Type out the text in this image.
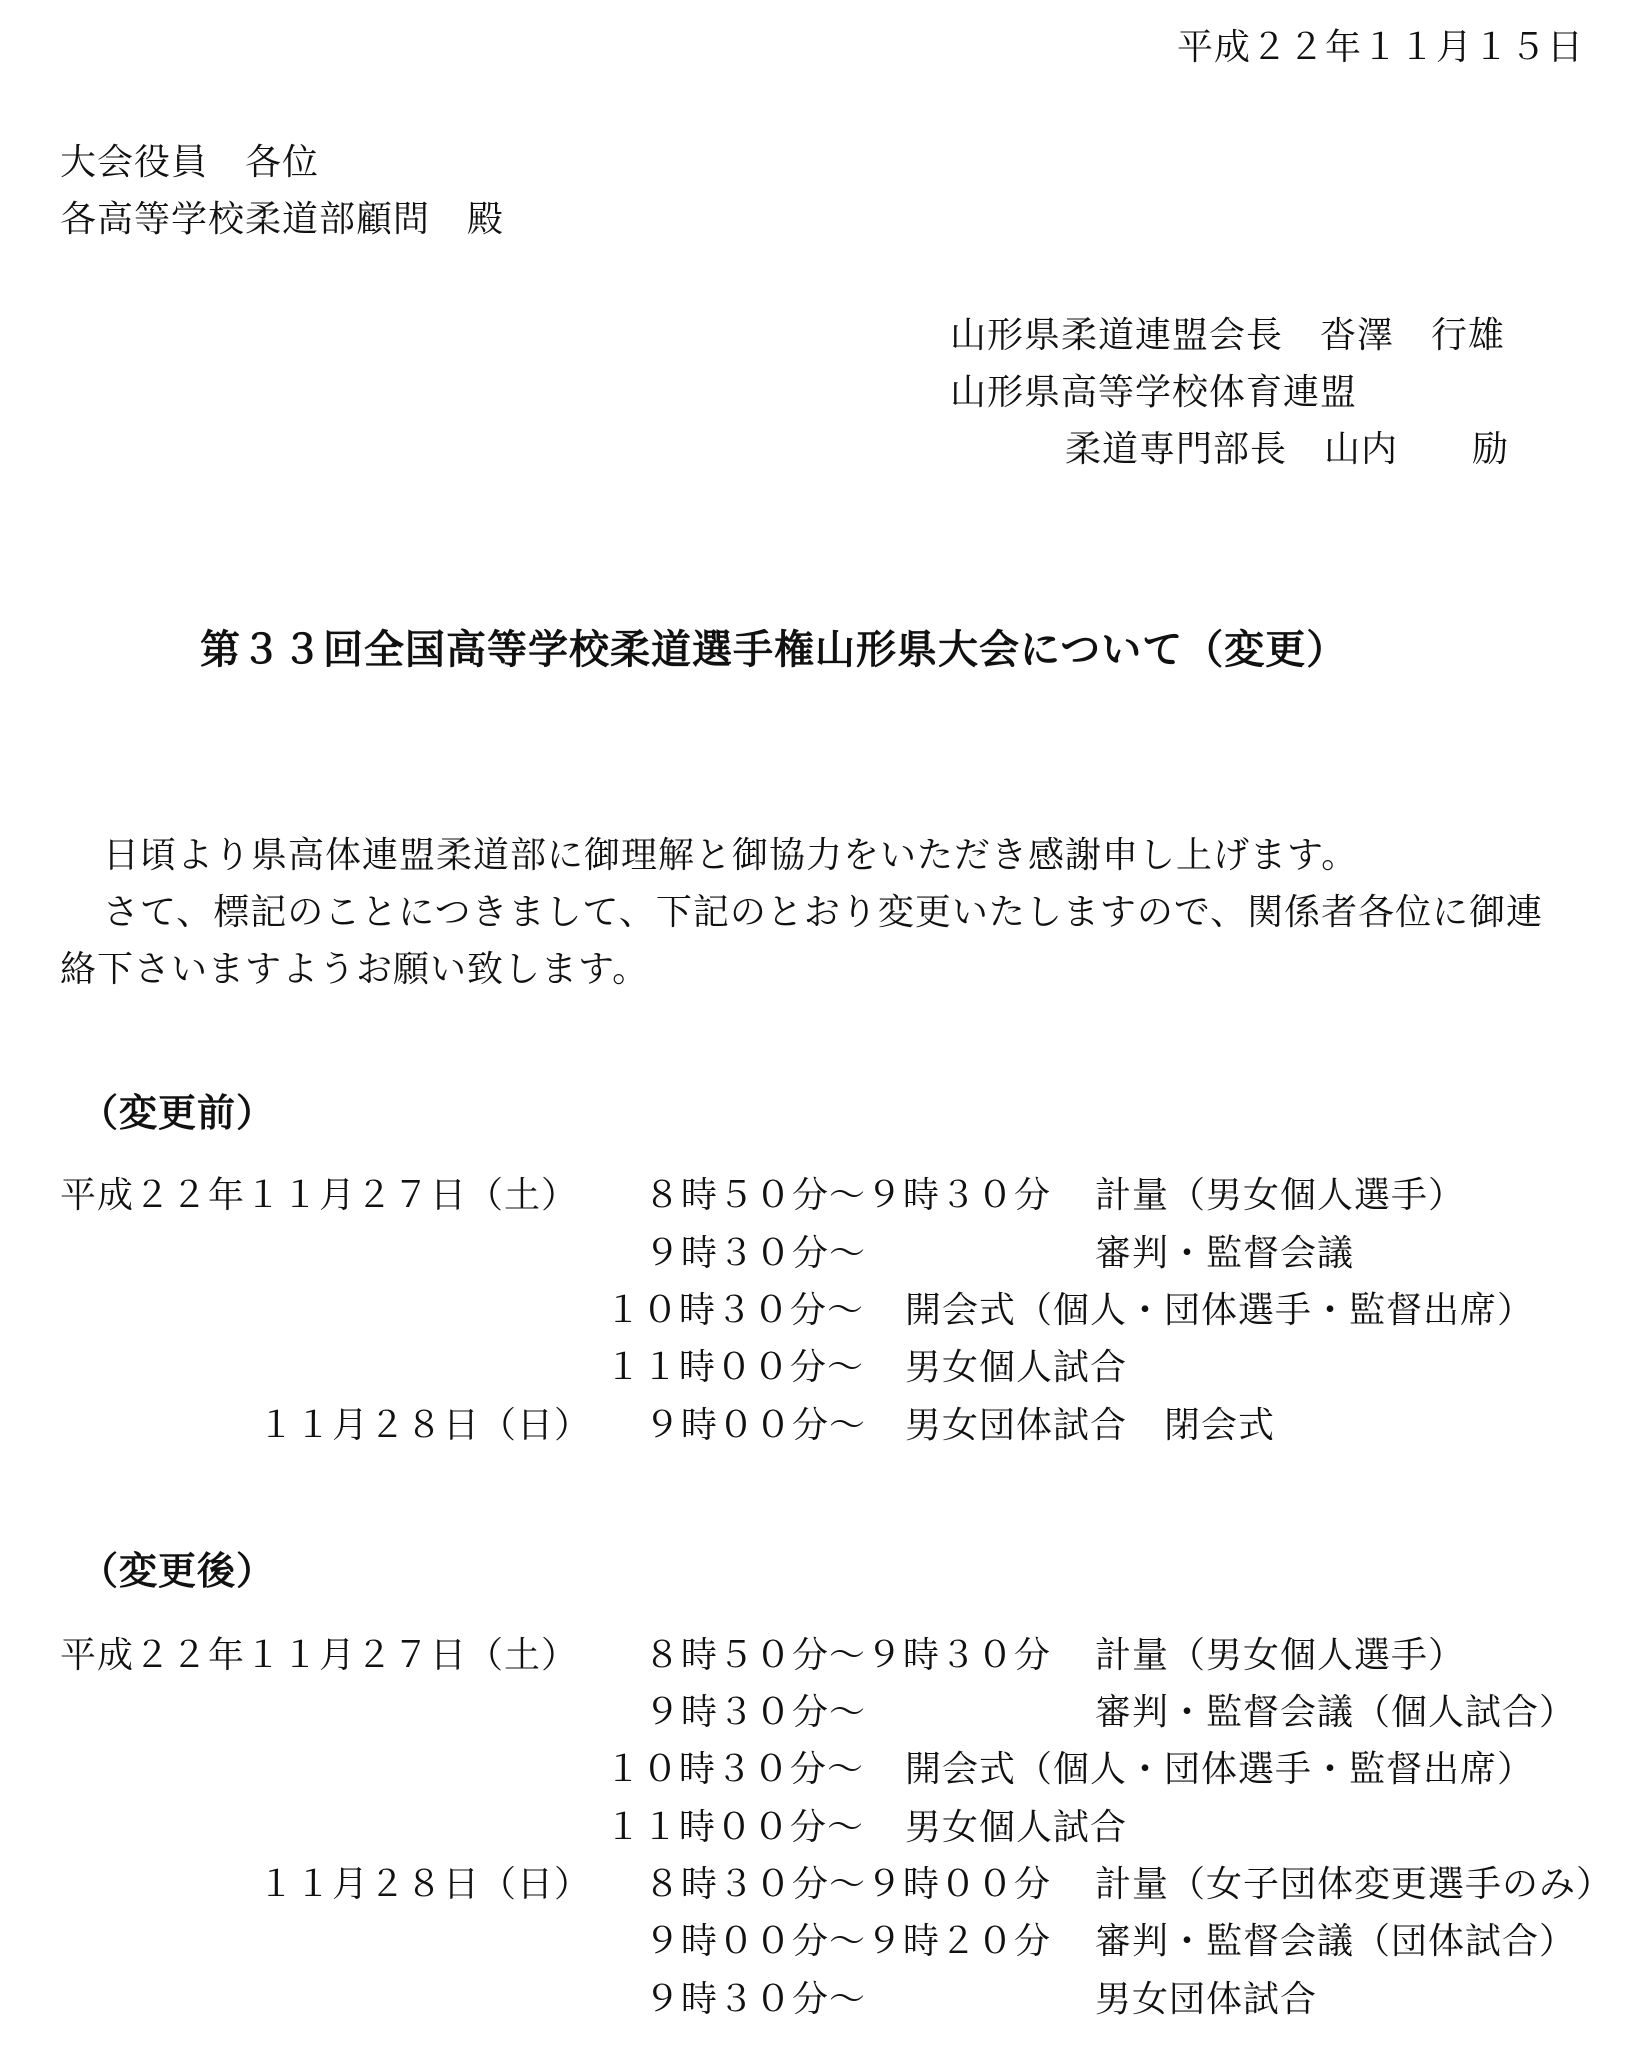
平成２２年１１月１５日
大会役員　各位
各高等学校柔道部顧問　殿
山形県柔道連盟会長　沓澤　行雄
山形県高等学校体育連盟
柔道専門部長　山内　　励
第３３回全国高等学校柔道選手権山形県大会について（変更）
日頃より県高体連盟柔道部に御理解と御協力をいただき感謝申し上げます。
さて、標記のことにつきまして、下記のとおり変更いたしますので、関係者各位に御連
絡下さいますようお願い致します。
（変更前）
平成２２年１１月２７日（土） ８時５０分～９時３０分 計量（男女個人選手）
９時３０分～	審判・監督会議
１０時３０分～ 開会式（個人・団体選手・監督出席）
１１時００分～ 男女個人試合
１１月２８日（日） ９時００分～ 男女団体試合　閉会式
（変更後）
平成２２年１１月２７日（土） ８時５０分～９時３０分 計量（男女個人選手）
９時３０分～	審判・監督会議（個人試合）
１０時３０分～ 開会式（個人・団体選手・監督出席）
１１時００分～ 男女個人試合
１１月２８日（日） ８時３０分～９時００分 計量（女子団体変更選手のみ）
９時００分～９時２０分 審判・監督会議（団体試合）
９時３０分～	男女団体試合
